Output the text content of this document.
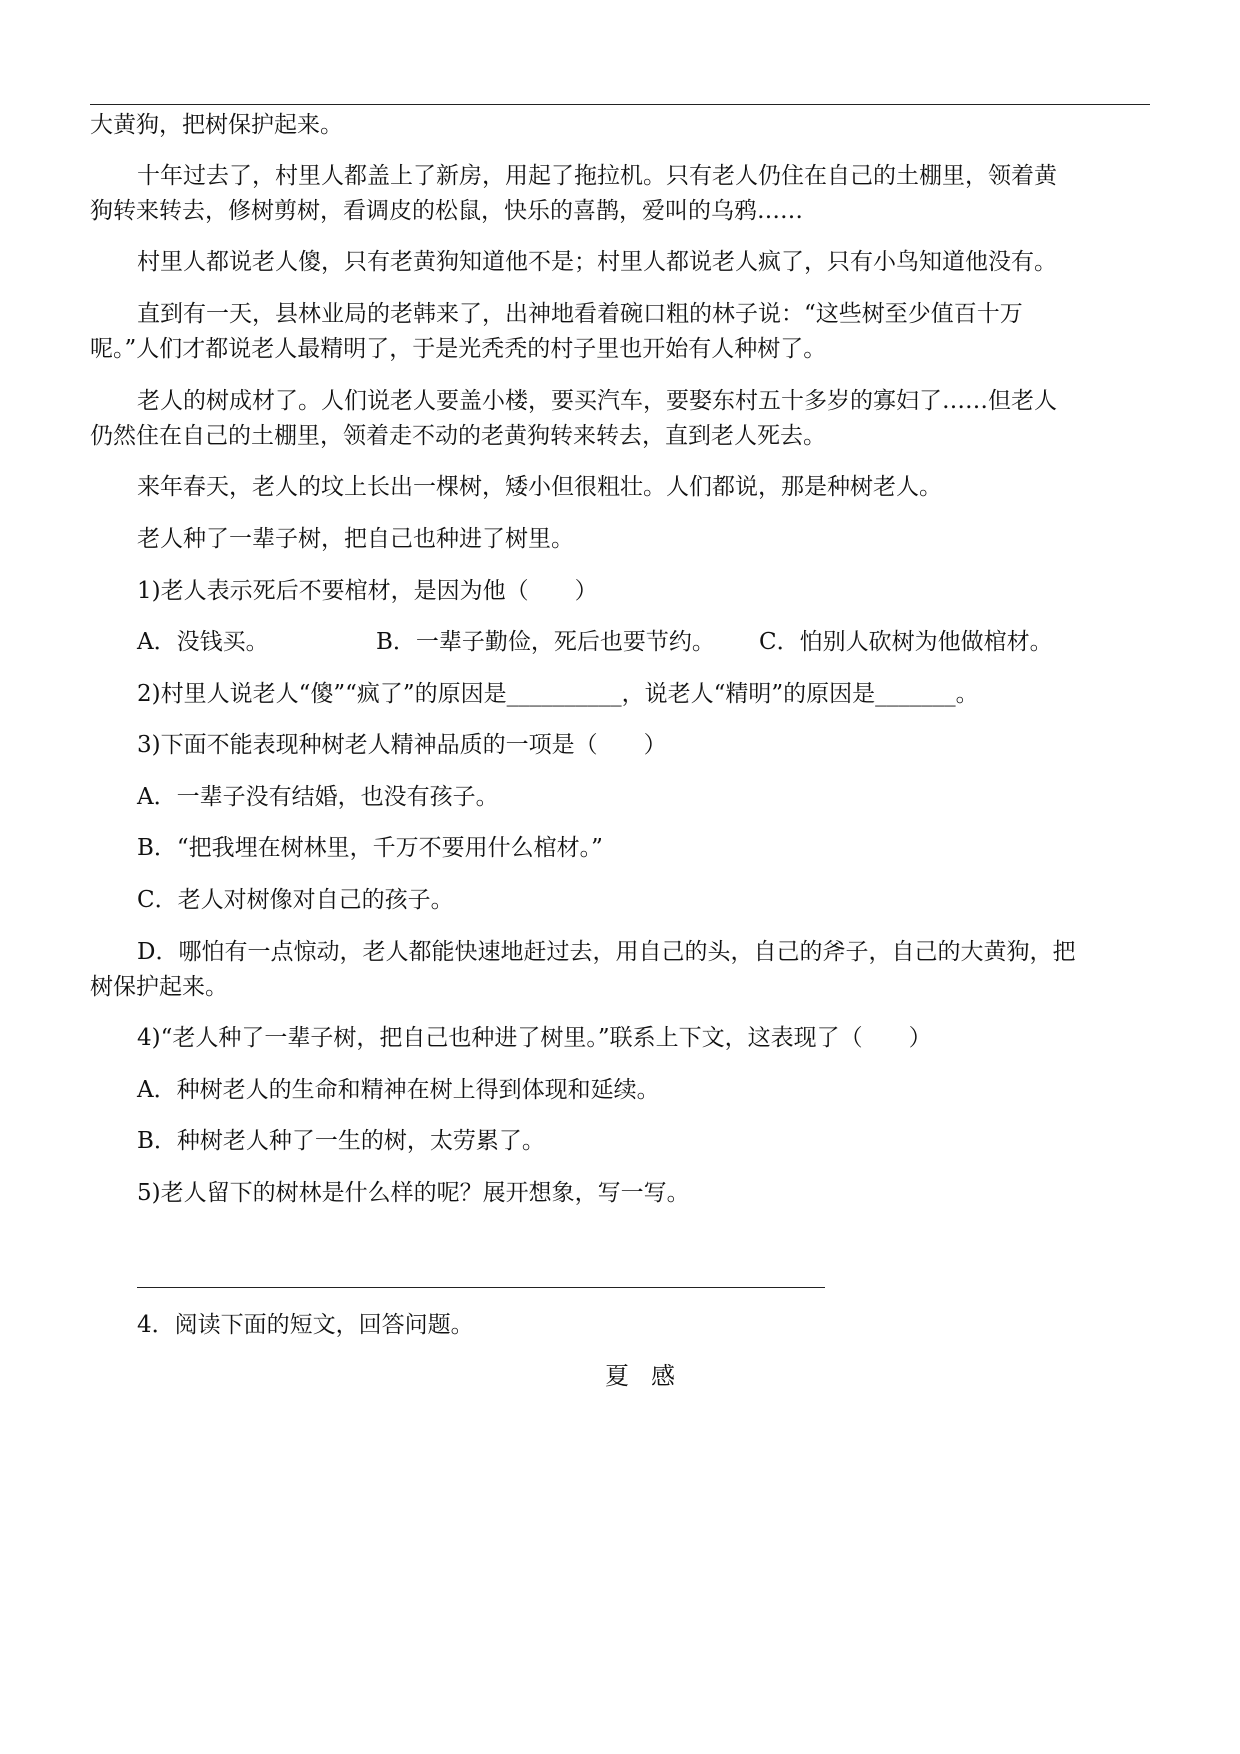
大黄狗，把树保护起来。
十年过去了，村里人都盖上了新房，用起了拖拉机。只有老人仍住在自己的土棚里，领着黄
狗转来转去，修树剪树，看调皮的松鼠，快乐的喜鹊，爱叫的乌鸦……
村里人都说老人傻，只有老黄狗知道他不是；村里人都说老人疯了，只有小鸟知道他没有。
直到有一天，县林业局的老韩来了，出神地看着碗口粗的林子说：“这些树至少值百十万
呢。”人们才都说老人最精明了，于是光秃秃的村子里也开始有人种树了。
老人的树成材了。人们说老人要盖小楼，要买汽车，要娶东村五十多岁的寡妇了……但老人
仍然住在自己的土棚里，领着走不动的老黄狗转来转去，直到老人死去。
来年春天，老人的坟上长出一棵树，矮小但很粗壮。人们都说，那是种树老人。
老人种了一辈子树，把自己也种进了树里。
1)老人表示死后不要棺材，是因为他（　　）
A．没钱买。	B．一辈子勤俭，死后也要节约。 C．怕别人砍树为他做棺材。
2)村里人说老人“傻”“疯了”的原因是__________，说老人“精明”的原因是_______。
3)下面不能表现种树老人精神品质的一项是（　　）
A．一辈子没有结婚，也没有孩子。
B．“把我埋在树林里，千万不要用什么棺材。”
C．老人对树像对自己的孩子。
D．哪怕有一点惊动，老人都能快速地赶过去，用自己的头，自己的斧子，自己的大黄狗，把
树保护起来。
4)“老人种了一辈子树，把自己也种进了树里。”联系上下文，这表现了（　　）
A．种树老人的生命和精神在树上得到体现和延续。
B．种树老人种了一生的树，太劳累了。
5)老人留下的树林是什么样的呢？展开想象，写一写。
4．阅读下面的短文，回答问题。
夏感
